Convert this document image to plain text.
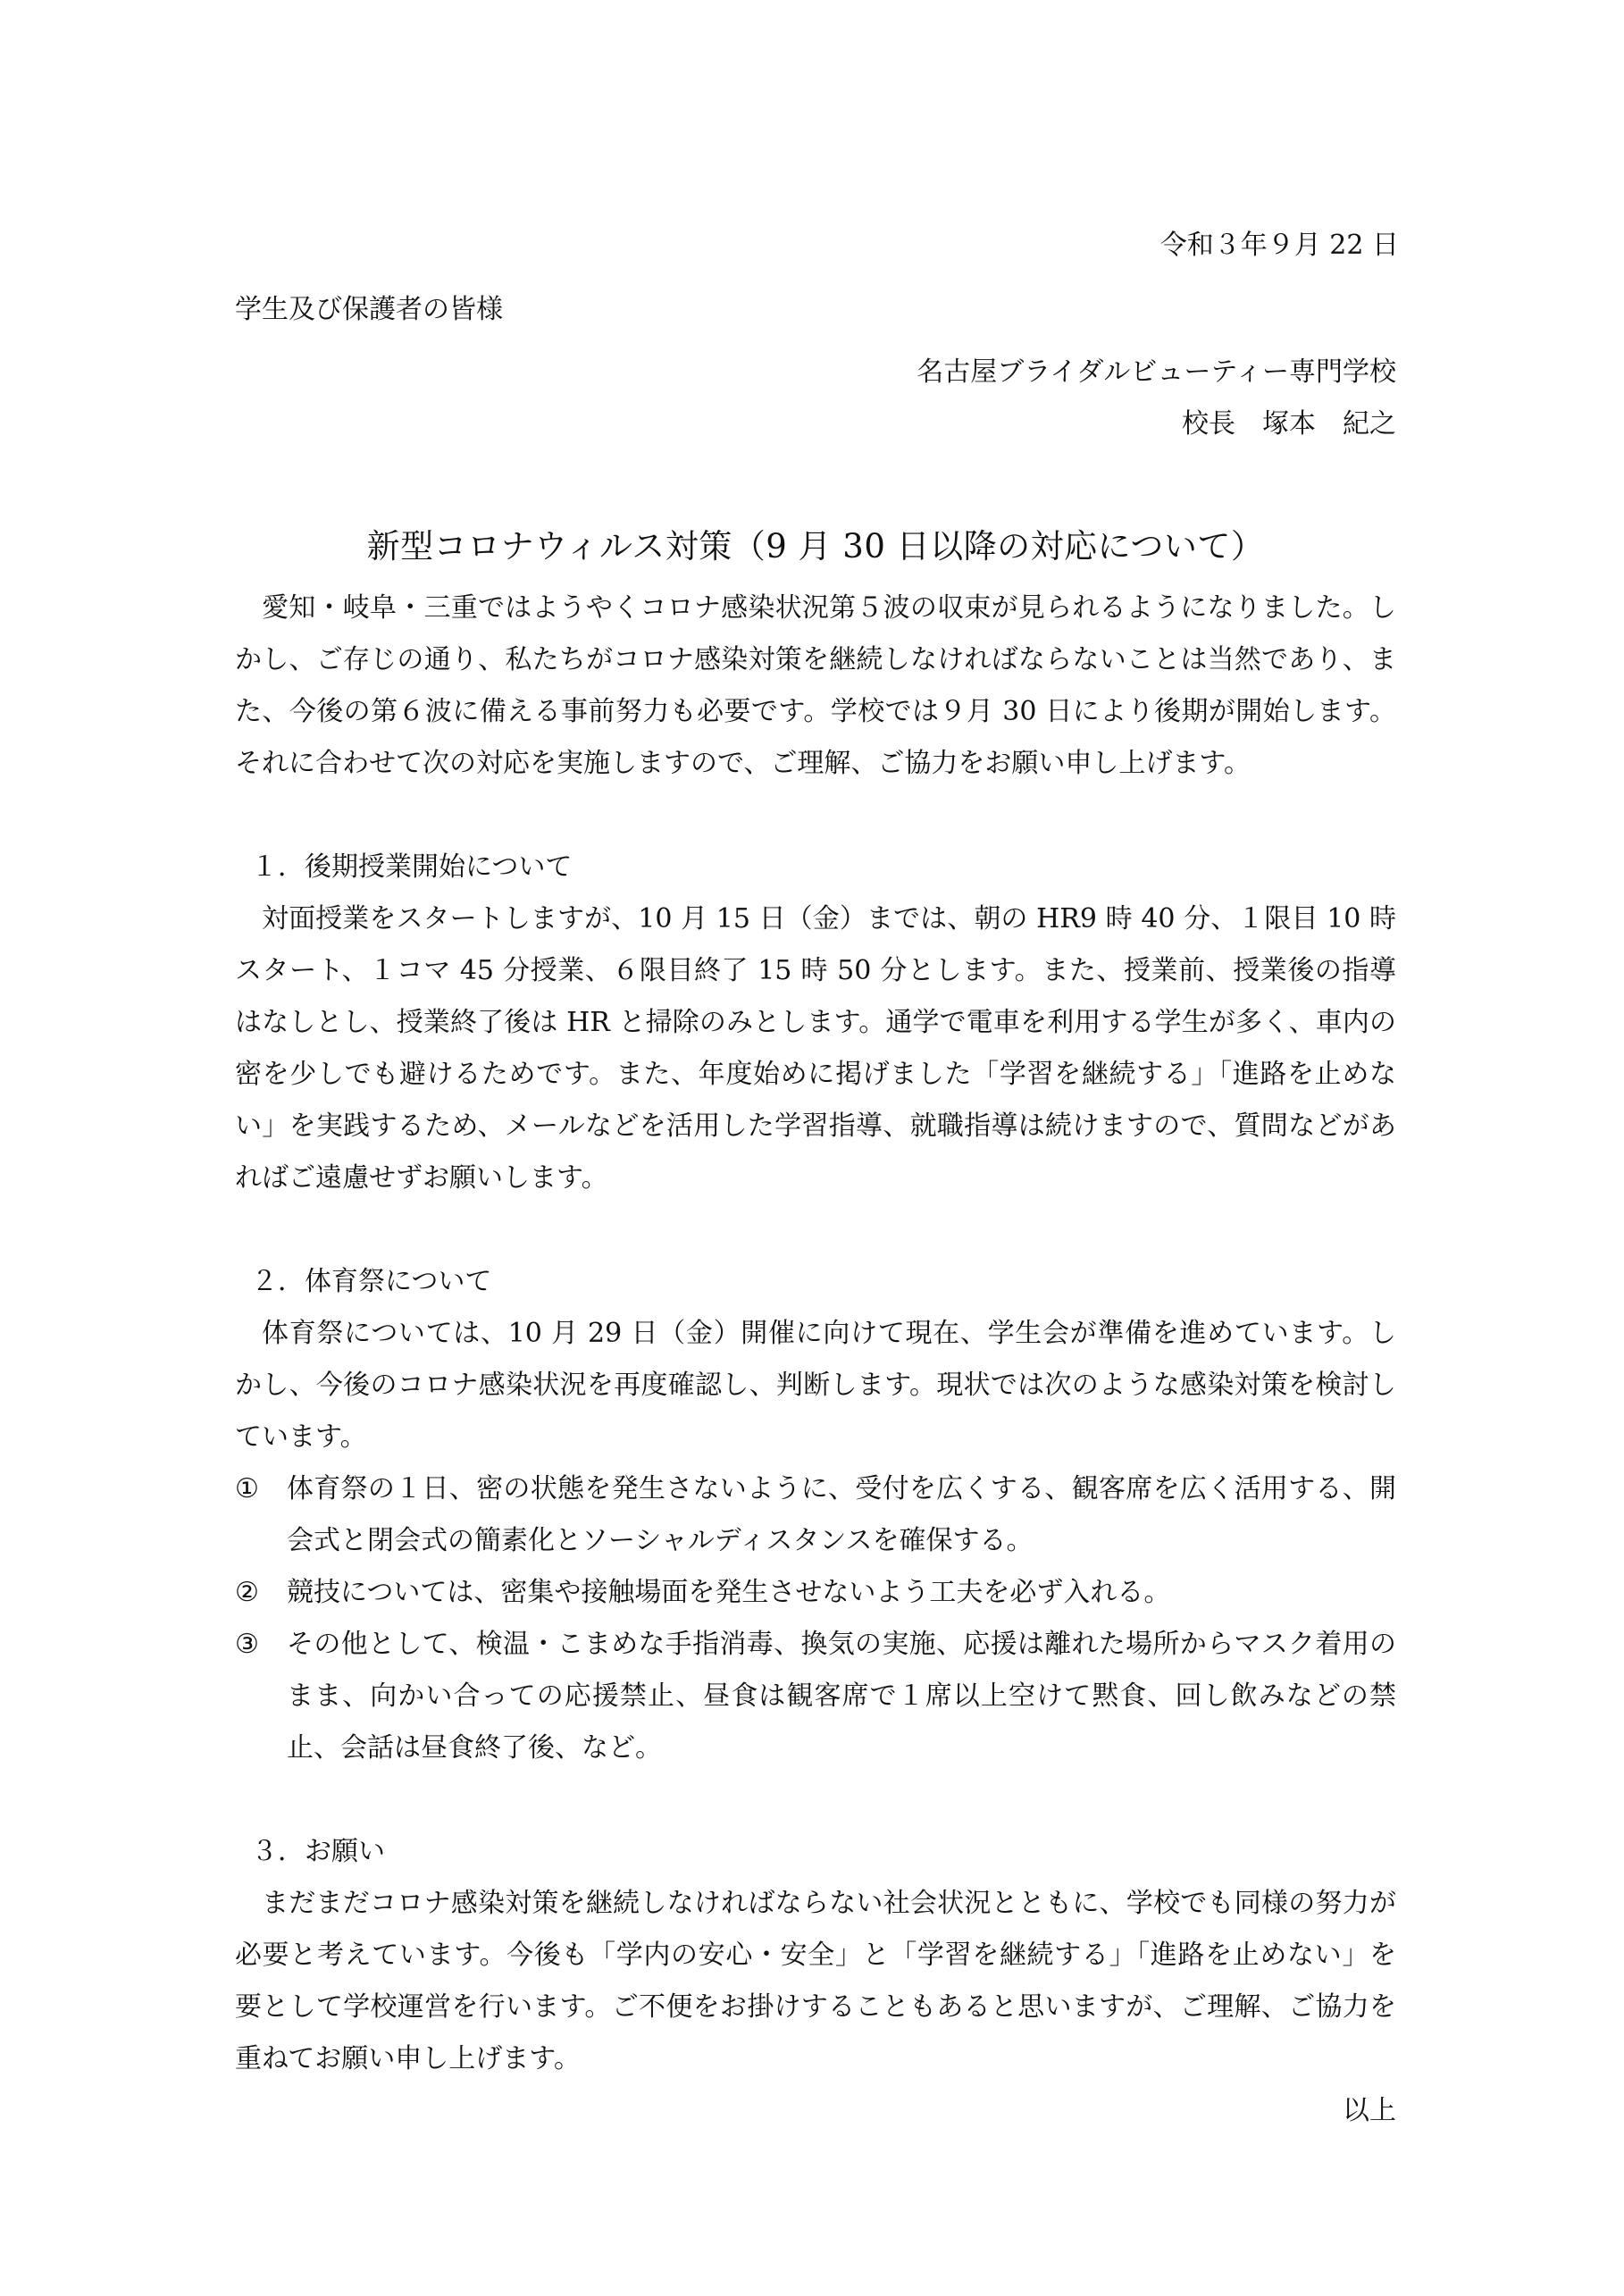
令和３年９月 22 日

学生及び保護者の皆様

名古屋ブライダルビューティー専門学校

校長　塚本　紀之

新型コロナウィルス対策（9 月 30 日以降の対応について）

愛知・岐阜・三重ではようやくコロナ感染状況第５波の収束が見られるようになりました。しかし、ご存じの通り、私たちがコロナ感染対策を継続しなければならないことは当然であり、また、今後の第６波に備える事前努力も必要です。学校では９月 30 日により後期が開始します。それに合わせて次の対応を実施しますので、ご理解、ご協力をお願い申し上げます。

１．後期授業開始について

対面授業をスタートしますが、10 月 15 日（金）までは、朝の HR9 時 40 分、１限目 10 時スタート、１コマ 45 分授業、６限目終了 15 時 50 分とします。また、授業前、授業後の指導はなしとし、授業終了後は HR と掃除のみとします。通学で電車を利用する学生が多く、車内の密を少しでも避けるためです。また、年度始めに掲げました「学習を継続する」「進路を止めない」を実践するため、メールなどを活用した学習指導、就職指導は続けますので、質問などがあればご遠慮せずお願いします。

２．体育祭について

体育祭については、10 月 29 日（金）開催に向けて現在、学生会が準備を進めています。しかし、今後のコロナ感染状況を再度確認し、判断します。現状では次のような感染対策を検討しています。

① 体育祭の１日、密の状態を発生さないように、受付を広くする、観客席を広く活用する、開会式と閉会式の簡素化とソーシャルディスタンスを確保する。
② 競技については、密集や接触場面を発生させないよう工夫を必ず入れる。
③ その他として、検温・こまめな手指消毒、換気の実施、応援は離れた場所からマスク着用のまま、向かい合っての応援禁止、昼食は観客席で１席以上空けて黙食、回し飲みなどの禁止、会話は昼食終了後、など。

３．お願い

まだまだコロナ感染対策を継続しなければならない社会状況とともに、学校でも同様の努力が必要と考えています。今後も「学内の安心・安全」と「学習を継続する」「進路を止めない」を要として学校運営を行います。ご不便をお掛けすることもあると思いますが、ご理解、ご協力を重ねてお願い申し上げます。

以上
